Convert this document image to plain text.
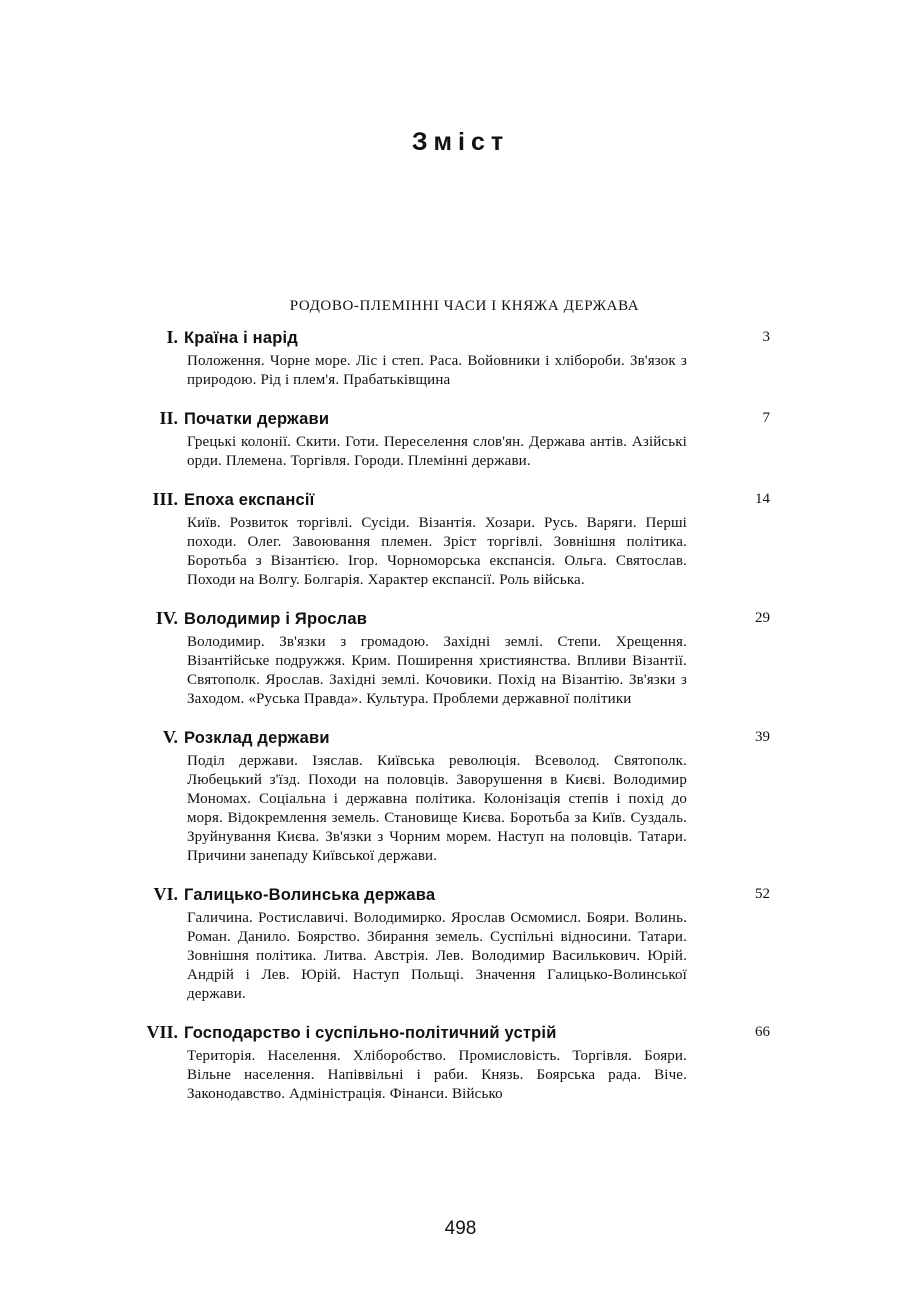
Зміст
РОДОВО-ПЛЕМІННІ ЧАСИ І КНЯЖА ДЕРЖАВА
I. Країна і нарід	3
Положення. Чорне море. Ліс і степ. Раса. Войовники і хлібороби. Зв'язок з природою. Рід і плем'я. Прабатьківщина
II. Початки держави	7
Грецькі колонії. Скити. Готи. Переселення слов'ян. Держава антів. Азійські орди. Племена. Торгівля. Городи. Племінні держави.
III. Епоха експансії	14
Київ. Розвиток торгівлі. Сусіди. Візантія. Хозари. Русь. Варяги. Перші походи. Олег. Завоювання племен. Зріст торгівлі. Зовнішня політика. Боротьба з Візантією. Ігор. Чорноморська експансія. Ольга. Святослав. Походи на Волгу. Болгарія. Характер експансії. Роль війська.
IV. Володимир і Ярослав	29
Володимир. Зв'язки з громадою. Західні землі. Степи. Хрещення. Візантійське подружжя. Крим. Поширення християнства. Впливи Візантії. Святополк. Ярослав. Західні землі. Кочовики. Похід на Візантію. Зв'язки з Заходом. «Руська Правда». Культура. Проблеми державної політики
V. Розклад держави	39
Поділ держави. Ізяслав. Київська революція. Всеволод. Святополк. Любецький з'їзд. Походи на половців. Заворушення в Києві. Володимир Мономах. Соціальна і державна політика. Колонізація степів і похід до моря. Відокремлення земель. Становище Києва. Боротьба за Київ. Суздаль. Зруйнування Києва. Зв'язки з Чорним морем. Наступ на половців. Татари. Причини занепаду Київської держави.
VI. Галицько-Волинська держава	52
Галичина. Ростиславичі. Володимирко. Ярослав Осмомисл. Бояри. Волинь. Роман. Данило. Боярство. Збирання земель. Суспільні відносини. Татари. Зовнішня політика. Литва. Австрія. Лев. Володимир Василькович. Юрій. Андрій і Лев. Юрій. Наступ Польщі. Значення Галицько-Волинської держави.
VII. Господарство і суспільно-політичний устрій	66
Територія. Населення. Хліборобство. Промисловість. Торгівля. Бояри. Вільне населення. Напіввільні і раби. Князь. Боярська рада. Віче. Законодавство. Адміністрація. Фінанси. Військо
498
